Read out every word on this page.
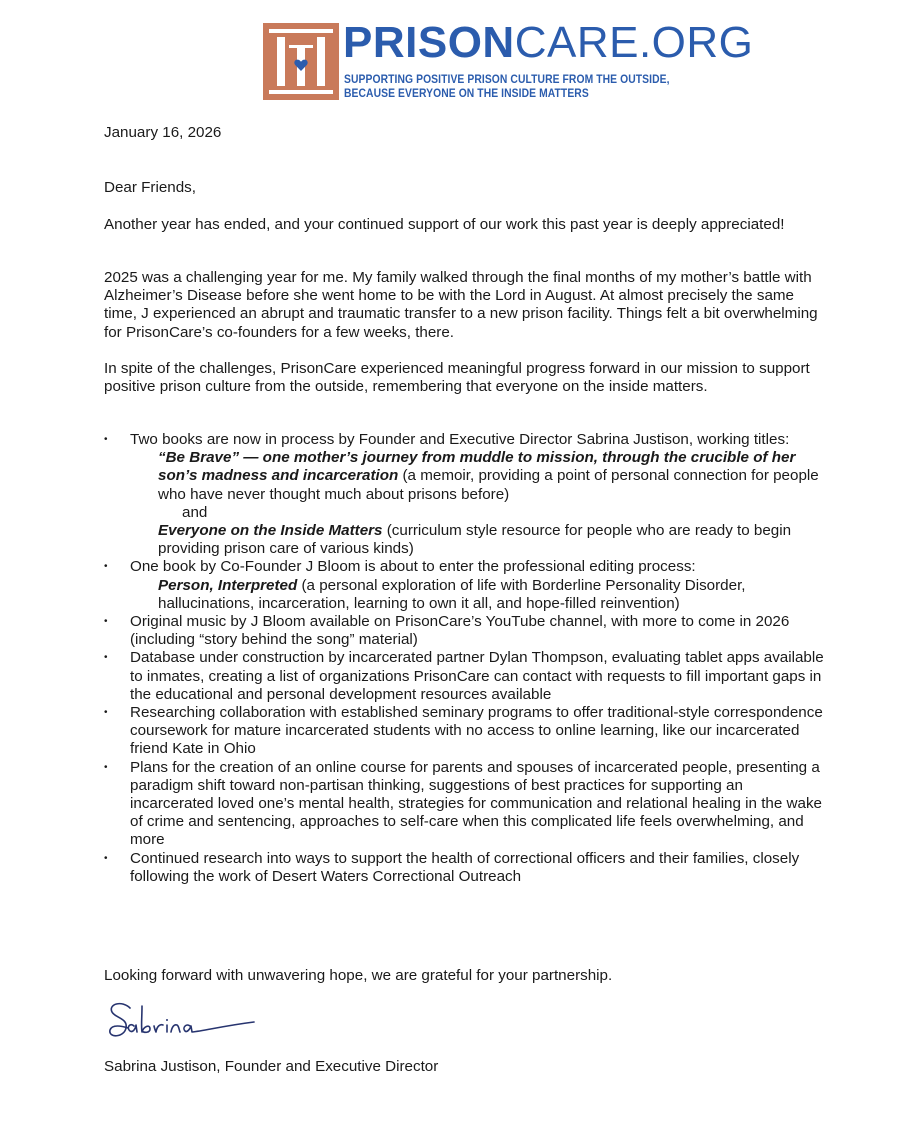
PRISONCARE.ORG
SUPPORTING POSITIVE PRISON CULTURE FROM THE OUTSIDE,
BECAUSE EVERYONE ON THE INSIDE MATTERS

January 16, 2026

Dear Friends,

Another year has ended, and your continued support of our work this past year is deeply appreciated!

2025 was a challenging year for me. My family walked through the final months of my mother’s battle with Alzheimer’s Disease before she went home to be with the Lord in August. At almost precisely the same time, J experienced an abrupt and traumatic transfer to a new prison facility. Things felt a bit overwhelming for PrisonCare’s co-founders for a few weeks, there.

In spite of the challenges, PrisonCare experienced meaningful progress forward in our mission to support positive prison culture from the outside, remembering that everyone on the inside matters.

• Two books are now in process by Founder and Executive Director Sabrina Justison, working titles:
“Be Brave” — one mother’s journey from muddle to mission, through the crucible of her son’s madness and incarceration (a memoir, providing a point of personal connection for people who have never thought much about prisons before)
and
Everyone on the Inside Matters (curriculum style resource for people who are ready to begin providing prison care of various kinds)
• One book by Co-Founder J Bloom is about to enter the professional editing process:
Person, Interpreted (a personal exploration of life with Borderline Personality Disorder, hallucinations, incarceration, learning to own it all, and hope-filled reinvention)
• Original music by J Bloom available on PrisonCare’s YouTube channel, with more to come in 2026 (including “story behind the song” material)
• Database under construction by incarcerated partner Dylan Thompson, evaluating tablet apps available to inmates, creating a list of organizations PrisonCare can contact with requests to fill important gaps in the educational and personal development resources available
• Researching collaboration with established seminary programs to offer traditional-style correspondence coursework for mature incarcerated students with no access to online learning, like our incarcerated friend Kate in Ohio
• Plans for the creation of an online course for parents and spouses of incarcerated people, presenting a paradigm shift toward non-partisan thinking, suggestions of best practices for supporting an incarcerated loved one’s mental health, strategies for communication and relational healing in the wake of crime and sentencing, approaches to self-care when this complicated life feels overwhelming, and more
• Continued research into ways to support the health of correctional officers and their families, closely following the work of Desert Waters Correctional Outreach

Looking forward with unwavering hope, we are grateful for your partnership.

Sabrina Justison, Founder and Executive Director
